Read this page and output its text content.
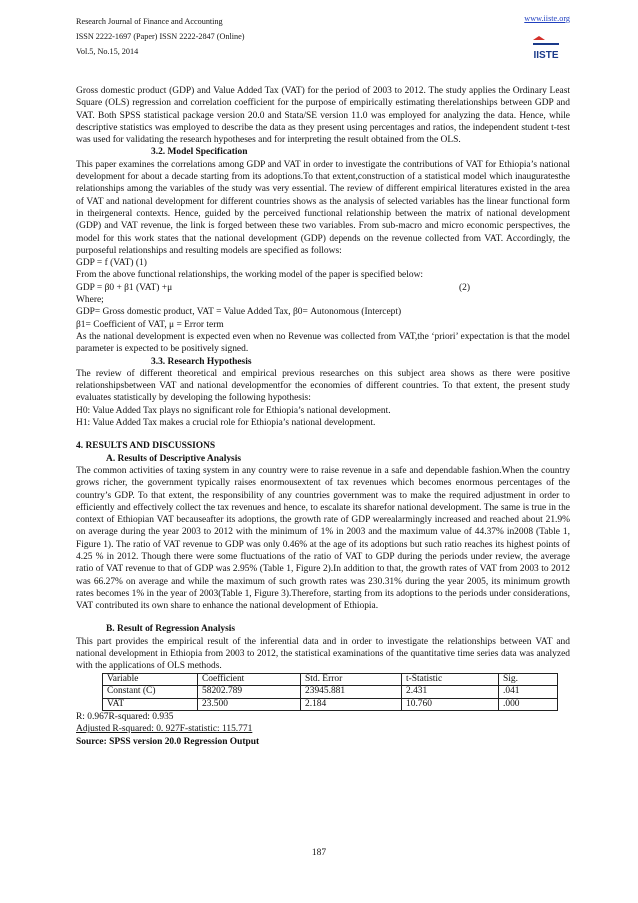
Research Journal of Finance and Accounting
ISSN 2222-1697 (Paper) ISSN 2222-2847 (Online)
Vol.5, No.15, 2014
www.iiste.org
IISTE

Gross domestic product (GDP) and Value Added Tax (VAT) for the period of 2003 to 2012. The study applies the Ordinary Least Square (OLS) regression and correlation coefficient for the purpose of empirically estimating therelationships between GDP and VAT. Both SPSS statistical package version 20.0 and Stata/SE version 11.0 was employed for analyzing the data. Hence, while descriptive statistics was employed to describe the data as they present using percentages and ratios, the independent student t-test was used for validating the research hypotheses and for interpreting the result obtained from the OLS.

3.2. Model Specification

This paper examines the correlations among GDP and VAT in order to investigate the contributions of VAT for Ethiopia’s national development for about a decade starting from its adoptions.To that extent,construction of a statistical model which inauguratesthe relationships among the variables of the study was very essential. The review of different empirical literatures existed in the area of VAT and national development for different countries shows as the analysis of selected variables has the linear functional form in theirgeneral contexts. Hence, guided by the perceived functional relationship between the matrix of national development (GDP) and VAT revenue, the link is forged between these two variables. From sub-macro and micro economic perspectives, the model for this work states that the national development (GDP) depends on the revenue collected from VAT. Accordingly, the purposeful relationships and resulting models are specified as follows:

GDP = f (VAT) (1)

From the above functional relationships, the working model of the paper is specified below:

GDP = β0 + β1 (VAT) +μ	(2)

Where;

GDP= Gross domestic product, VAT = Value Added Tax, β0= Autonomous (Intercept)

β1= Coefficient of VAT, μ = Error term

As the national development is expected even when no Revenue was collected from VAT,the ‘priori’ expectation is that the model parameter is expected to be positively signed.

3.3. Research Hypothesis

The review of different theoretical and empirical previous researches on this subject area shows as there were positive relationshipsbetween VAT and national developmentfor the economies of different countries. To that extent, the present study evaluates statistically by developing the following hypothesis:

H0: Value Added Tax plays no significant role for Ethiopia’s national development.

H1: Value Added Tax makes a crucial role for Ethiopia’s national development.

4. RESULTS AND DISCUSSIONS

A. Results of Descriptive Analysis

The common activities of taxing system in any country were to raise revenue in a safe and dependable fashion.When the country grows richer, the government typically raises enormousextent of tax revenues which becomes enormous percentages of the country’s GDP. To that extent, the responsibility of any countries government was to make the required adjustment in order to efficiently and effectively collect the tax revenues and hence, to escalate its sharefor national development. The same is true in the context of Ethiopian VAT becauseafter its adoptions, the growth rate of GDP werealarmingly increased and reached about 21.9% on average during the year 2003 to 2012 with the minimum of 1% in 2003 and the maximum value of 44.37% in2008 (Table 1, Figure 1). The ratio of VAT revenue to GDP was only 0.46% at the age of its adoptions but such ratio reaches its highest points of 4.25 % in 2012. Though there were some fluctuations of the ratio of VAT to GDP during the periods under review, the average ratio of VAT revenue to that of GDP was 2.95% (Table 1, Figure 2).In addition to that, the growth rates of VAT from 2003 to 2012 was 66.27% on average and while the maximum of such growth rates was 230.31% during the year 2005, its minimum growth rates becomes 1% in the year of 2003(Table 1, Figure 3).Therefore, starting from its adoptions to the periods under considerations, VAT contributed its own share to enhance the national development of Ethiopia.

B. Result of Regression Analysis

This part provides the empirical result of the inferential data and in order to investigate the relationships between VAT and national development in Ethiopia from 2003 to 2012, the statistical examinations of the quantitative time series data was analyzed with the applications of OLS methods.

Variable	Coefficient	Std. Error	t-Statistic	Sig.
Constant (C)	58202.789	23945.881	2.431	.041
VAT	23.500	2.184	10.760	.000

R: 0.967R-squared: 0.935

Adjusted R-squared: 0. 927F-statistic: 115.771

Source: SPSS version 20.0 Regression Output

187
